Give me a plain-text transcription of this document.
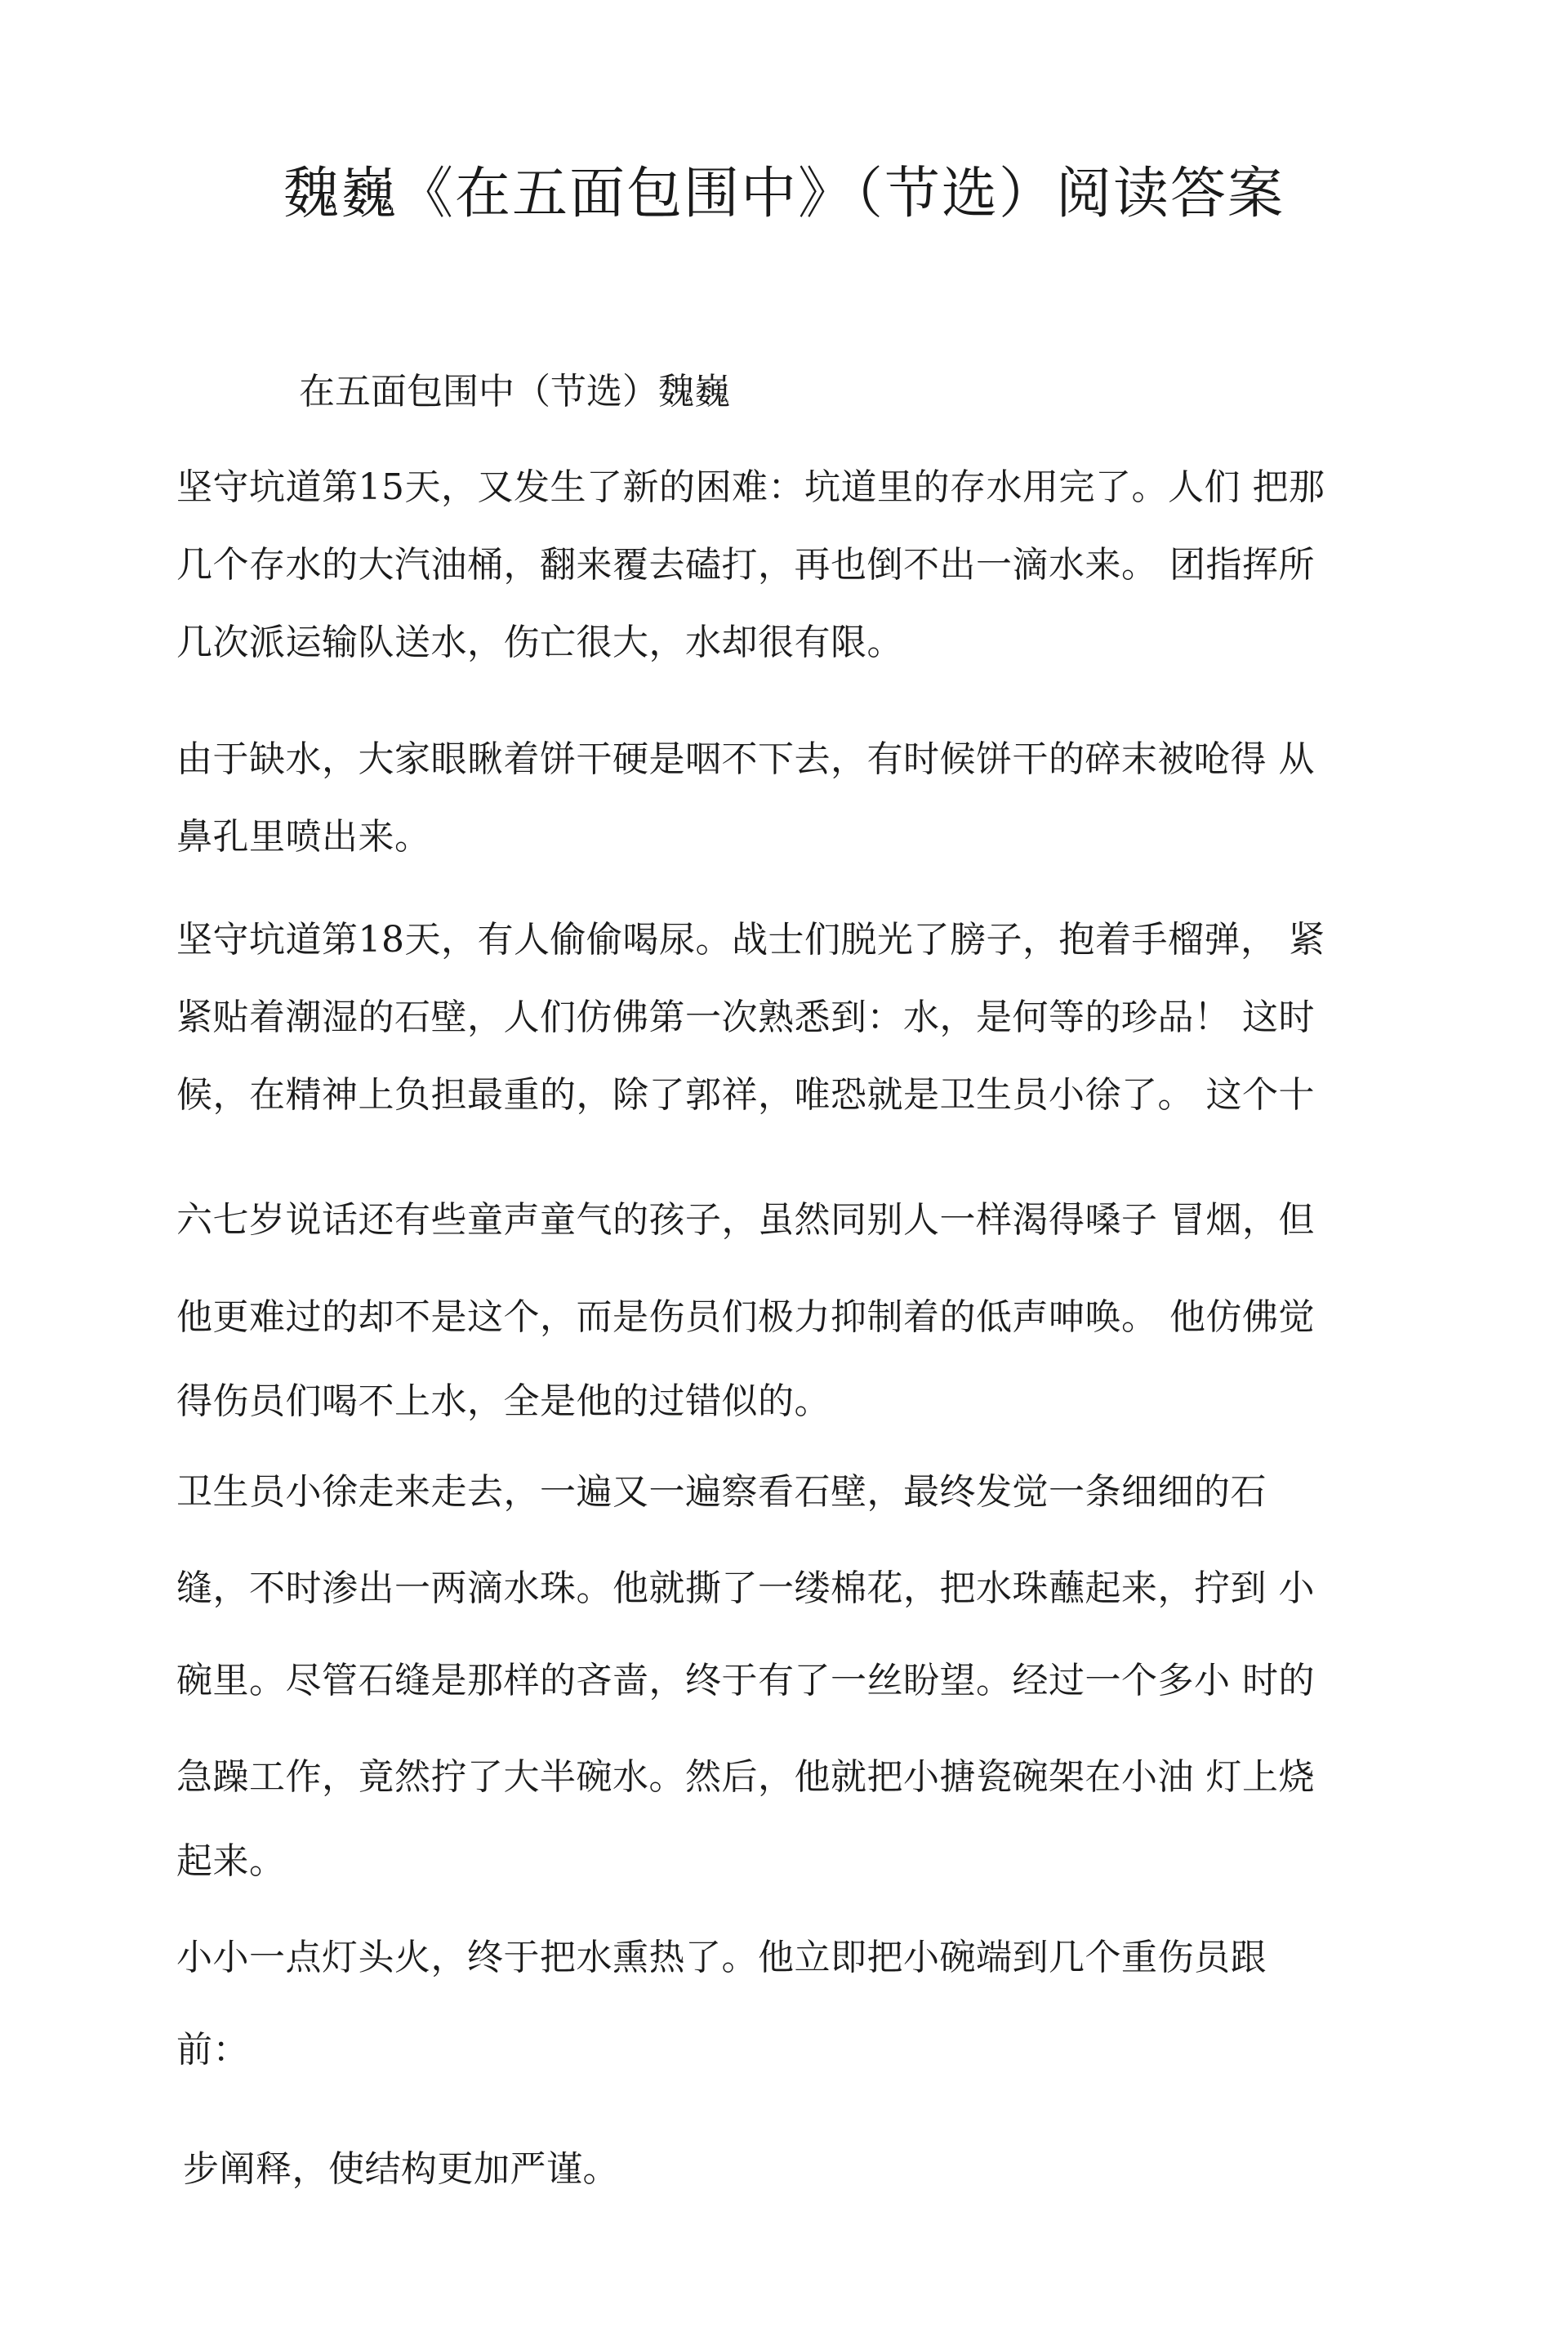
魏巍《在五面包围中》（节选）阅读答案
在五面包围中（节选）魏巍
坚守坑道第15天，又发生了新的困难：坑道里的存水用完了。人们 把那
几个存水的大汽油桶，翻来覆去磕打，再也倒不出一滴水来。 团指挥所
几次派运输队送水，伤亡很大，水却很有限。
由于缺水，大家眼瞅着饼干硬是咽不下去，有时候饼干的碎末被呛得 从
鼻孔里喷出来。
坚守坑道第18天，有人偷偷喝尿。战士们脱光了膀子，抱着手榴弹， 紧
紧贴着潮湿的石壁，人们仿佛第一次熟悉到：水，是何等的珍品！ 这时
候，在精神上负担最重的，除了郭祥，唯恐就是卫生员小徐了。 这个十
六七岁说话还有些童声童气的孩子，虽然同别人一样渴得嗓子 冒烟，但
他更难过的却不是这个，而是伤员们极力抑制着的低声呻唤。 他仿佛觉
得伤员们喝不上水，全是他的过错似的。
卫生员小徐走来走去，一遍又一遍察看石壁，最终发觉一条细细的石
缝，不时渗出一两滴水珠。他就撕了一缕棉花，把水珠蘸起来，拧到 小
碗里。尽管石缝是那样的吝啬，终于有了一丝盼望。经过一个多小 时的
急躁工作，竟然拧了大半碗水。然后，他就把小搪瓷碗架在小油 灯上烧
起来。
小小一点灯头火，终于把水熏热了。他立即把小碗端到几个重伤员跟
前：
步阐释，使结构更加严谨。
